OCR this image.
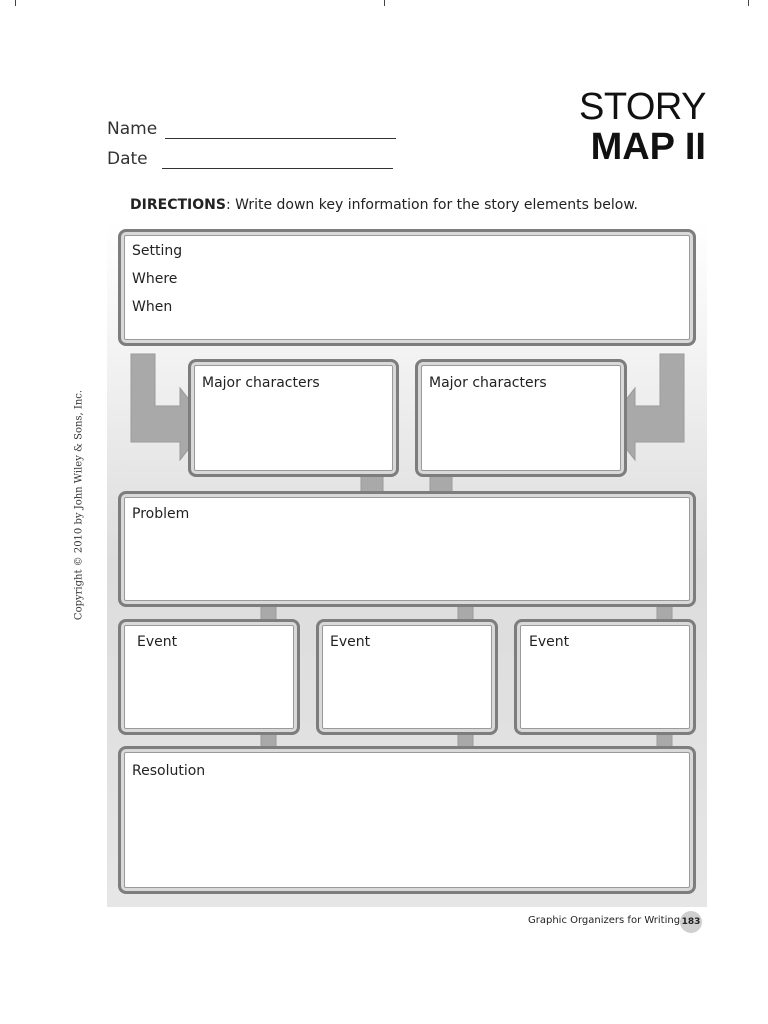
Name
Date
STORY
MAP II
DIRECTIONS: Write down key information for the story elements below.
Setting
Where
When
Major characters	Major characters
Problem
Event	Event	Event
Resolution
Copyright © 2010 by John Wiley & Sons, Inc.
Graphic Organizers for Writing 183
